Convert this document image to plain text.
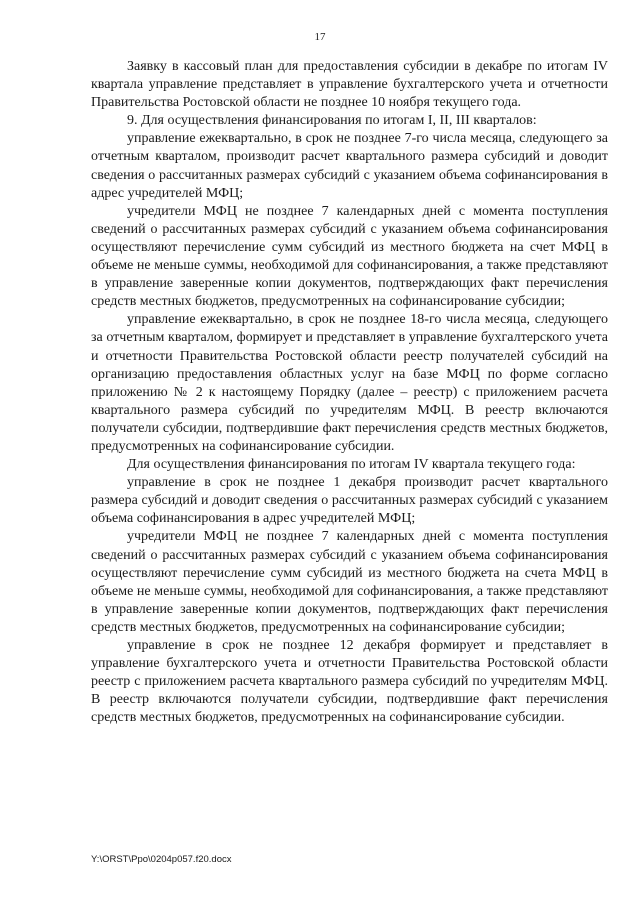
17

Заявку в кассовый план для предоставления субсидии в декабре по итогам IV квартала управление представляет в управление бухгалтерского учета и отчетности Правительства Ростовской области не позднее 10 ноября текущего года.

9. Для осуществления финансирования по итогам I, II, III кварталов:

управление ежеквартально, в срок не позднее 7-го числа месяца, следующего за отчетным кварталом, производит расчет квартального размера субсидий и доводит сведения о рассчитанных размерах субсидий с указанием объема софинансирования в адрес учредителей МФЦ;

учредители МФЦ не позднее 7 календарных дней с момента поступления сведений о рассчитанных размерах субсидий с указанием объема софинансирования осуществляют перечисление сумм субсидий из местного бюджета на счет МФЦ в объеме не меньше суммы, необходимой для софинансирования, а также представляют в управление заверенные копии документов, подтверждающих факт перечисления средств местных бюджетов, предусмотренных на софинансирование субсидии;

управление ежеквартально, в срок не позднее 18-го числа месяца, следующего за отчетным кварталом, формирует и представляет в управление бухгалтерского учета и отчетности Правительства Ростовской области реестр получателей субсидий на организацию предоставления областных услуг на базе МФЦ по форме согласно приложению № 2 к настоящему Порядку (далее – реестр) с приложением расчета квартального размера субсидий по учредителям МФЦ. В реестр включаются получатели субсидии, подтвердившие факт перечисления средств местных бюджетов, предусмотренных на софинансирование субсидии.

Для осуществления финансирования по итогам IV квартала текущего года:

управление в срок не позднее 1 декабря производит расчет квартального размера субсидий и доводит сведения о рассчитанных размерах субсидий с указанием объема софинансирования в адрес учредителей МФЦ;

учредители МФЦ не позднее 7 календарных дней с момента поступления сведений о рассчитанных размерах субсидий с указанием объема софинансирования осуществляют перечисление сумм субсидий из местного бюджета на счета МФЦ в объеме не меньше суммы, необходимой для софинансирования, а также представляют в управление заверенные копии документов, подтверждающих факт перечисления средств местных бюджетов, предусмотренных на софинансирование субсидии;

управление в срок не позднее 12 декабря формирует и представляет в управление бухгалтерского учета и отчетности Правительства Ростовской области реестр с приложением расчета квартального размера субсидий по учредителям МФЦ. В реестр включаются получатели субсидии, подтвердившие факт перечисления средств местных бюджетов, предусмотренных на софинансирование субсидии.

Y:\ORST\Ppo\0204p057.f20.docx
